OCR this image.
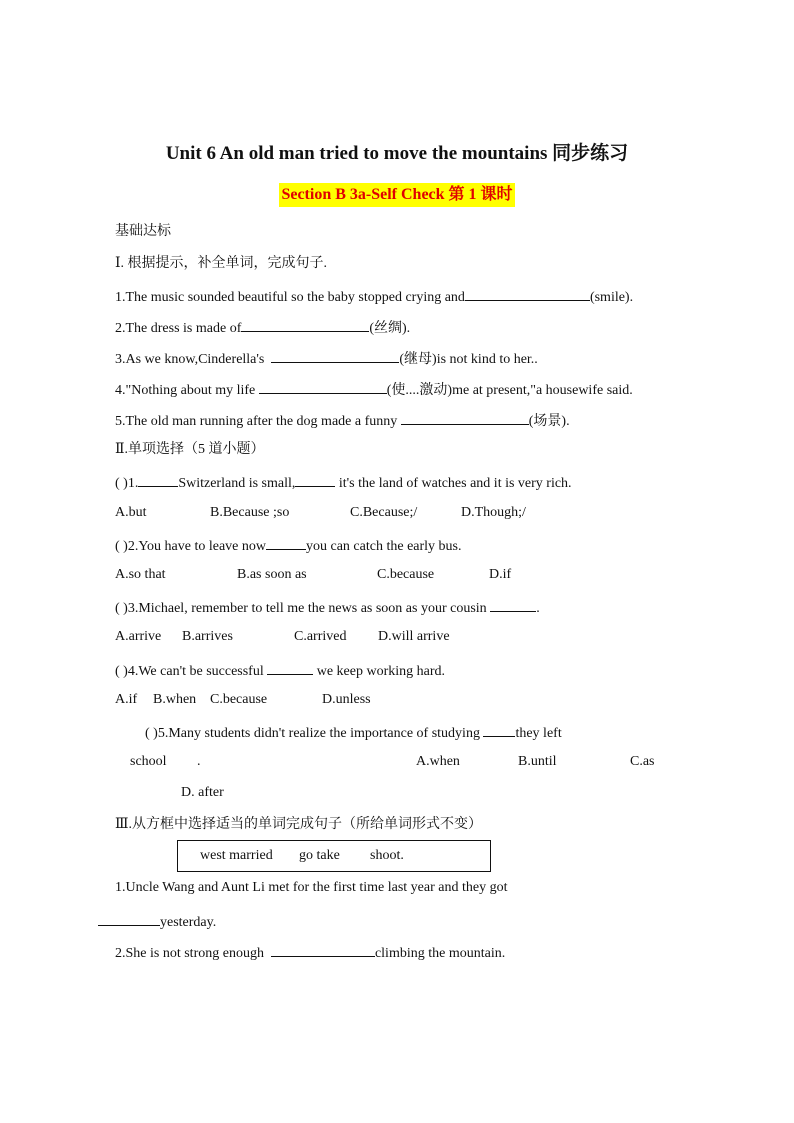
Unit 6 An old man tried to move the mountains 同步练习
Section B 3a-Self Check 第 1 课时
基础达标
Ⅰ. 根据提示，补全单词，完成句子.
1.The music sounded beautiful so the baby stopped crying and	(smile).
2.The dress is made of	(丝绸).
3.As we know,Cinderella's	(继母)is not kind to her..
4."Nothing about my life	(使....激动)me at present,"a housewife said.
5.The old man running after the dog made a funny	(场景).
Ⅱ.单项选择（5 道小题）
( )1.	Switzerland is small,	it's the land of watches and it is very rich.
A.but	B.Because ;so	C.Because;/	D.Though;/
( )2.You have to leave now	you can catch the early bus.
A.so that	B.as soon as	C.because	D.if
( )3.Michael, remember to tell me the news as soon as your cousin	.
A.arrive B.arrives	C.arrived D.will arrive
( )4.We can't be successful	we keep working hard.
A.if B.when C.because	D.unless
( )5.Many students didn't realize the importance of studying	they left
school .	A.when	B.until	C.as
D. after
Ⅲ.从方框中选择适当的单词完成句子（所给单词形式不变）
west married go take shoot.
1.Uncle Wang and Aunt Li met for the first time last year and they got
yesterday.
2.She is not strong enough	climbing the mountain.
